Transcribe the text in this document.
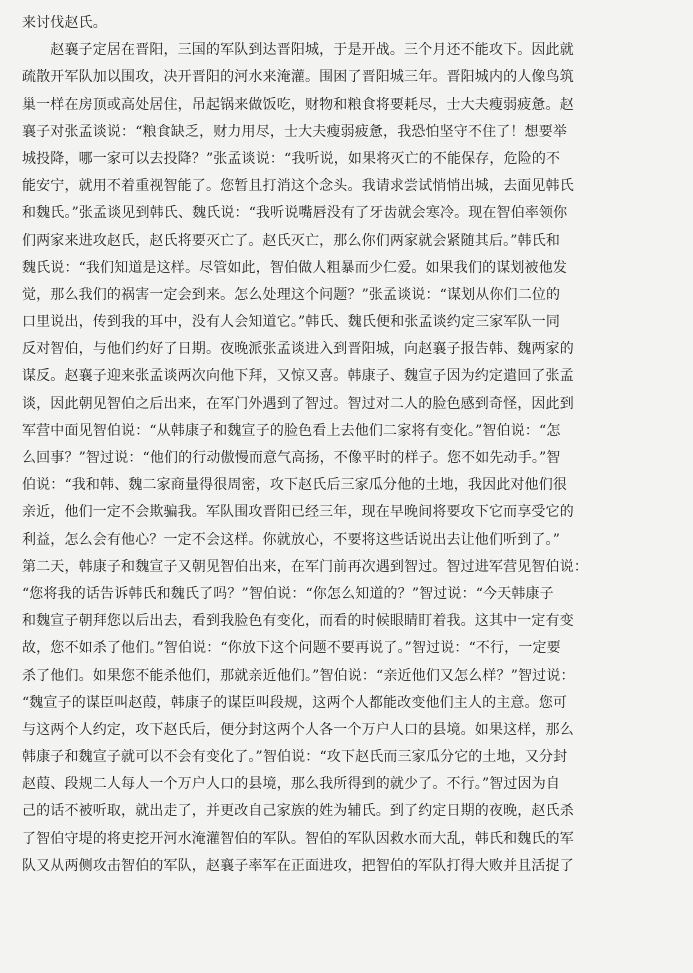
来讨伐赵氏。
　　赵襄子定居在晋阳，三国的军队到达晋阳城，于是开战。三个月还不能攻下。因此就
疏散开军队加以围攻，决开晋阳的河水来淹灌。围困了晋阳城三年。晋阳城内的人像鸟筑
巢一样在房顶或高处居住，吊起锅来做饭吃，财物和粮食将要耗尽，士大夫瘦弱疲惫。赵
襄子对张孟谈说：“粮食缺乏，财力用尽，士大夫瘦弱疲惫，我恐怕坚守不住了！想要举
城投降，哪一家可以去投降？”张孟谈说：“我听说，如果将灭亡的不能保存，危险的不
能安宁，就用不着重视智能了。您暂且打消这个念头。我请求尝试悄悄出城，去面见韩氏
和魏氏。”张孟谈见到韩氏、魏氏说：“我听说嘴唇没有了牙齿就会寒冷。现在智伯率领你
们两家来进攻赵氏，赵氏将要灭亡了。赵氏灭亡，那么你们两家就会紧随其后。”韩氏和
魏氏说：“我们知道是这样。尽管如此，智伯做人粗暴而少仁爱。如果我们的谋划被他发
觉，那么我们的祸害一定会到来。怎么处理这个问题？”张孟谈说：“谋划从你们二位的
口里说出，传到我的耳中，没有人会知道它。”韩氏、魏氏便和张孟谈约定三家军队一同
反对智伯，与他们约好了日期。夜晚派张孟谈进入到晋阳城，向赵襄子报告韩、魏两家的
谋反。赵襄子迎来张孟谈两次向他下拜，又惊又喜。韩康子、魏宣子因为约定遣回了张孟
谈，因此朝见智伯之后出来，在军门外遇到了智过。智过对二人的脸色感到奇怪，因此到
军营中面见智伯说：“从韩康子和魏宣子的脸色看上去他们二家将有变化。”智伯说：“怎
么回事？”智过说：“他们的行动傲慢而意气高扬，不像平时的样子。您不如先动手。”智
伯说：“我和韩、魏二家商量得很周密，攻下赵氏后三家瓜分他的土地，我因此对他们很
亲近，他们一定不会欺骗我。军队围攻晋阳已经三年，现在早晚间将要攻下它而享受它的
利益，怎么会有他心？一定不会这样。你就放心，不要将这些话说出去让他们听到了。”
第二天，韩康子和魏宣子又朝见智伯出来，在军门前再次遇到智过。智过进军营见智伯说：
“您将我的话告诉韩氏和魏氏了吗？”智伯说：“你怎么知道的？”智过说：“今天韩康子
和魏宣子朝拜您以后出去，看到我脸色有变化，而看的时候眼睛盯着我。这其中一定有变
故，您不如杀了他们。”智伯说：“你放下这个问题不要再说了。”智过说：“不行，一定要
杀了他们。如果您不能杀他们，那就亲近他们。”智伯说：“亲近他们又怎么样？”智过说：
“魏宣子的谋臣叫赵葭，韩康子的谋臣叫段规，这两个人都能改变他们主人的主意。您可
与这两个人约定，攻下赵氏后，便分封这两个人各一个万户人口的县境。如果这样，那么
韩康子和魏宣子就可以不会有变化了。”智伯说：“攻下赵氏而三家瓜分它的土地，又分封
赵葭、段规二人每人一个万户人口的县境，那么我所得到的就少了。不行。”智过因为自
己的话不被听取，就出走了，并更改自己家族的姓为辅氏。到了约定日期的夜晚，赵氏杀
了智伯守堤的将吏挖开河水淹灌智伯的军队。智伯的军队因救水而大乱，韩氏和魏氏的军
队又从两侧攻击智伯的军队，赵襄子率军在正面进攻，把智伯的军队打得大败并且活捉了
